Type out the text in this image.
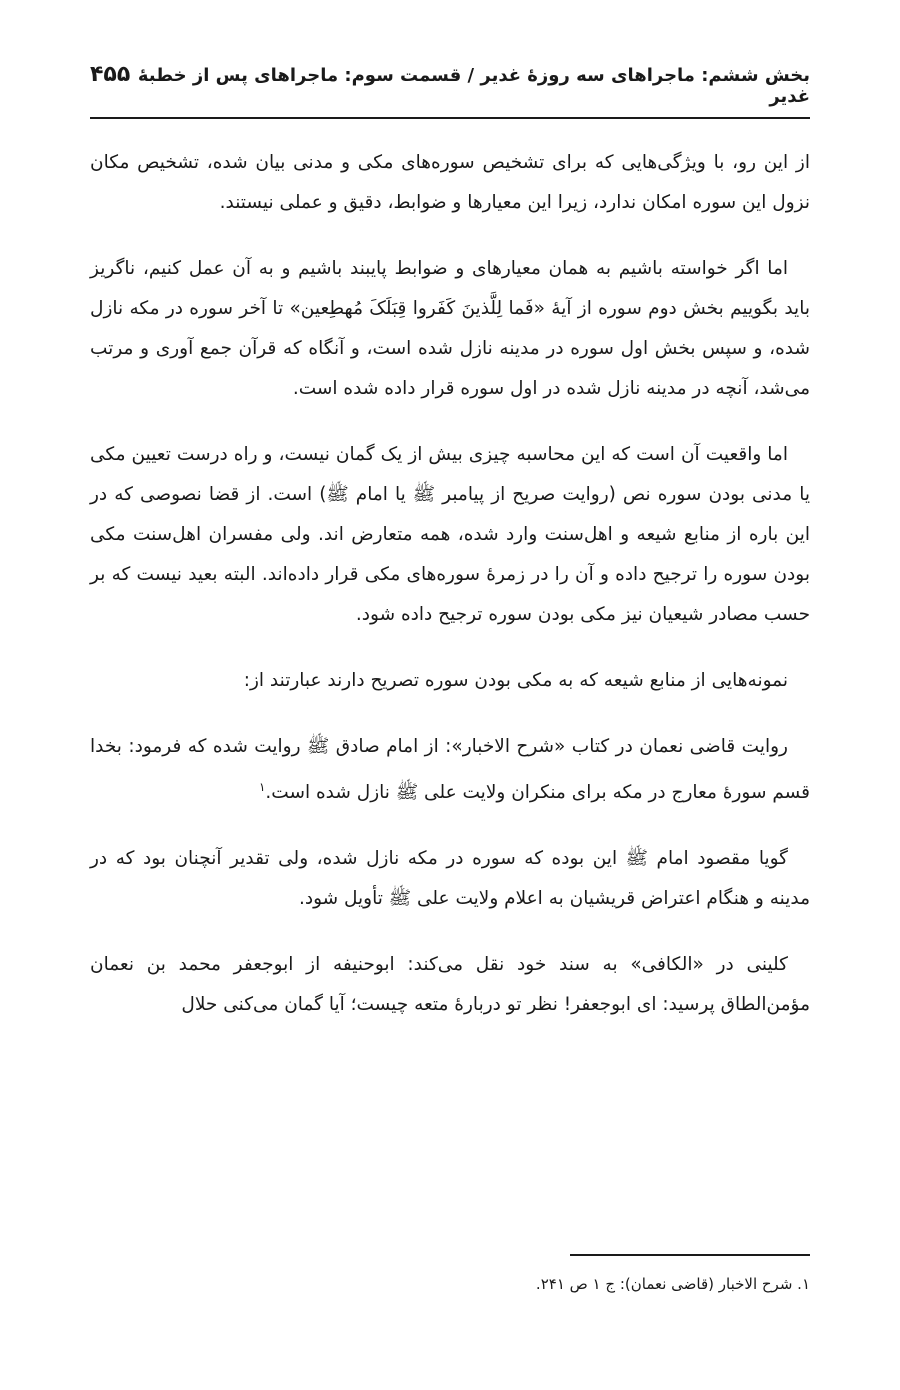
بخش ششم: ماجراهای سه روزهٔ غدیر / قسمت سوم: ماجراهای پس از خطبهٔ غدیر
۴۵۵

از این رو، با ویژگی‌هایی که برای تشخیص سوره‌های مکی و مدنی بیان شده، تشخیص مکان نزول این سوره امکان ندارد، زیرا این معیارها و ضوابط، دقیق و عملی نیستند.

اما اگر خواسته باشیم به همان معیارهای و ضوابط پایبند باشیم و به آن عمل کنیم، ناگریز باید بگوییم بخش دوم سوره از آیهٔ «فَما لِلَّذینَ کَفَروا قِبَلَکَ مُهطِعین» تا آخر سوره در مکه نازل شده، و سپس بخش اول سوره در مدینه نازل شده است، و آنگاه که قرآن جمع آوری و مرتب می‌شد، آنچه در مدینه نازل شده در اول سوره قرار داده شده است.

اما واقعیت آن است که این محاسبه چیزی بیش از یک گمان نیست، و راه درست تعیین مکی یا مدنی بودن سوره نص (روایت صریح از پیامبر ﷺ یا امام ﷺ) است. از قضا نصوصی که در این باره از منابع شیعه و اهل‌سنت وارد شده، همه متعارض اند. ولی مفسران اهل‌سنت مکی بودن سوره را ترجیح داده و آن را در زمرهٔ سوره‌های مکی قرار داده‌اند. البته بعید نیست که بر حسب مصادر شیعیان نیز مکی بودن سوره ترجیح داده شود.

نمونه‌هایی از منابع شیعه که به مکی بودن سوره تصریح دارند عبارتند از:

روایت قاضی نعمان در کتاب «شرح الاخبار»: از امام صادق ﷺ روایت شده که فرمود: بخدا قسم سورهٔ معارج در مکه برای منکران ولایت علی ﷺ نازل شده است.$^۱$

گویا مقصود امام ﷺ این بوده که سوره در مکه نازل شده، ولی تقدیر آنچنان بود که در مدینه و هنگام اعتراض قریشیان به اعلام ولایت علی ﷺ تأویل شود.

کلینی در «الکافی» به سند خود نقل می‌کند: ابوحنیفه از ابوجعفر محمد بن نعمان مؤمن‌الطاق پرسید: ای ابوجعفر! نظر تو دربارهٔ متعه چیست؛ آیا گمان می‌کنی حلال

۱. شرح الاخبار (قاضی نعمان): ج ۱ ص ۲۴۱.
